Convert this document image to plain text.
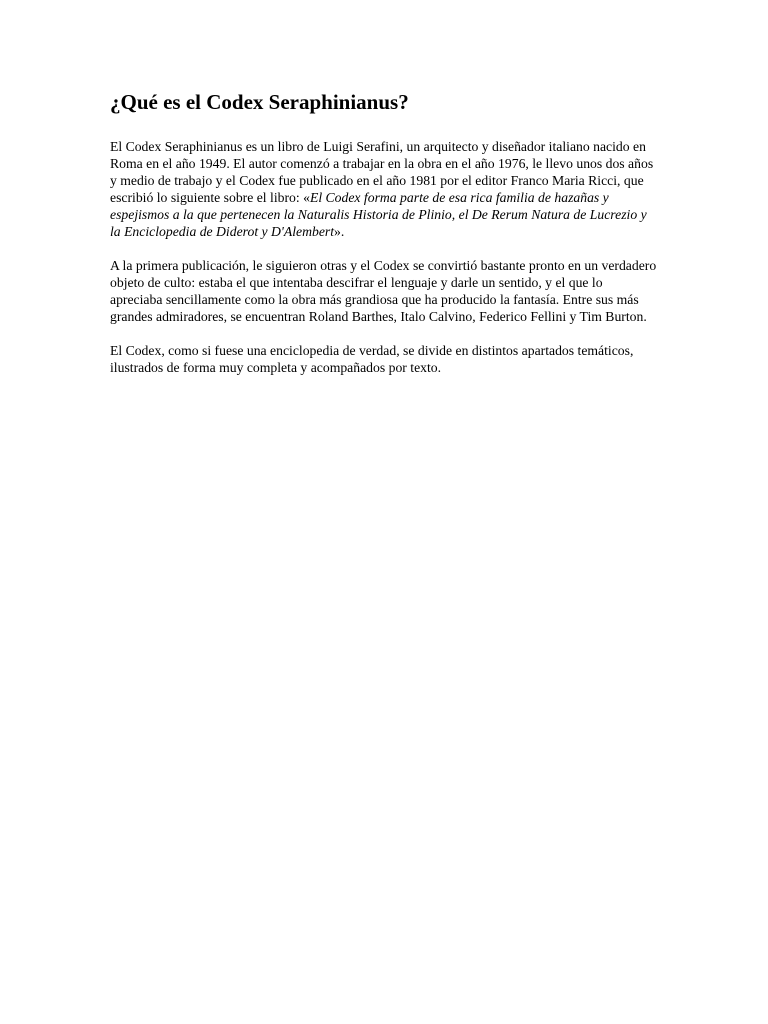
¿Qué es el Codex Seraphinianus?

El Codex Seraphinianus es un libro de Luigi Serafini, un arquitecto y diseñador italiano nacido en Roma en el año 1949. El autor comenzó a trabajar en la obra en el año 1976, le llevo unos dos años y medio de trabajo y el Codex fue publicado en el año 1981 por el editor Franco Maria Ricci, que escribió lo siguiente sobre el libro: «El Codex forma parte de esa rica familia de hazañas y espejismos a la que pertenecen la Naturalis Historia de Plinio, el De Rerum Natura de Lucrezio y la Enciclopedia de Diderot y D'Alembert».

A la primera publicación, le siguieron otras y el Codex se convirtió bastante pronto en un verdadero objeto de culto: estaba el que intentaba descifrar el lenguaje y darle un sentido, y el que lo apreciaba sencillamente como la obra más grandiosa que ha producido la fantasía. Entre sus más grandes admiradores, se encuentran Roland Barthes, Italo Calvino, Federico Fellini y Tim Burton.

El Codex, como si fuese una enciclopedia de verdad, se divide en distintos apartados temáticos, ilustrados de forma muy completa y acompañados por texto.
